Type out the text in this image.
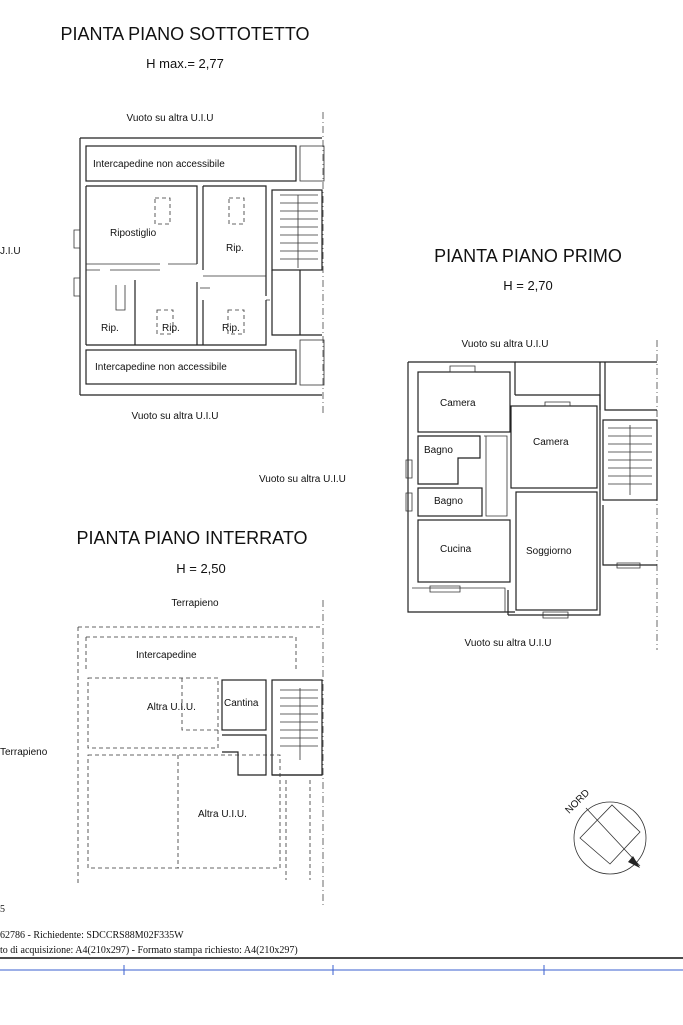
PIANTA PIANO SOTTOTETTO
H max.= 2,77
Vuoto su altra U.I.U
Vuoto su altra U.I.U
J.I.U
Intercapedine non accessibile
Ripostiglio
Rip.
Rip.	Rip.	Rip.
Intercapedine non accessibile
PIANTA PIANO PRIMO
H = 2,70
Vuoto su altra U.I.U
Vuoto su altra U.I.U
Vuoto su altra U.I.U
Camera
Camera
Bagno
Bagno
Cucina	Soggiorno
PIANTA PIANO INTERRATO
H = 2,50
Terrapieno
Terrapieno
Intercapedine
Altra U.I.U.	Cantina
Altra U.I.U.	NORD
5
62786 - Richiedente: SDCCRS88M02F335W
to di acquisizione: A4(210x297) - Formato stampa richiesto: A4(210x297)
